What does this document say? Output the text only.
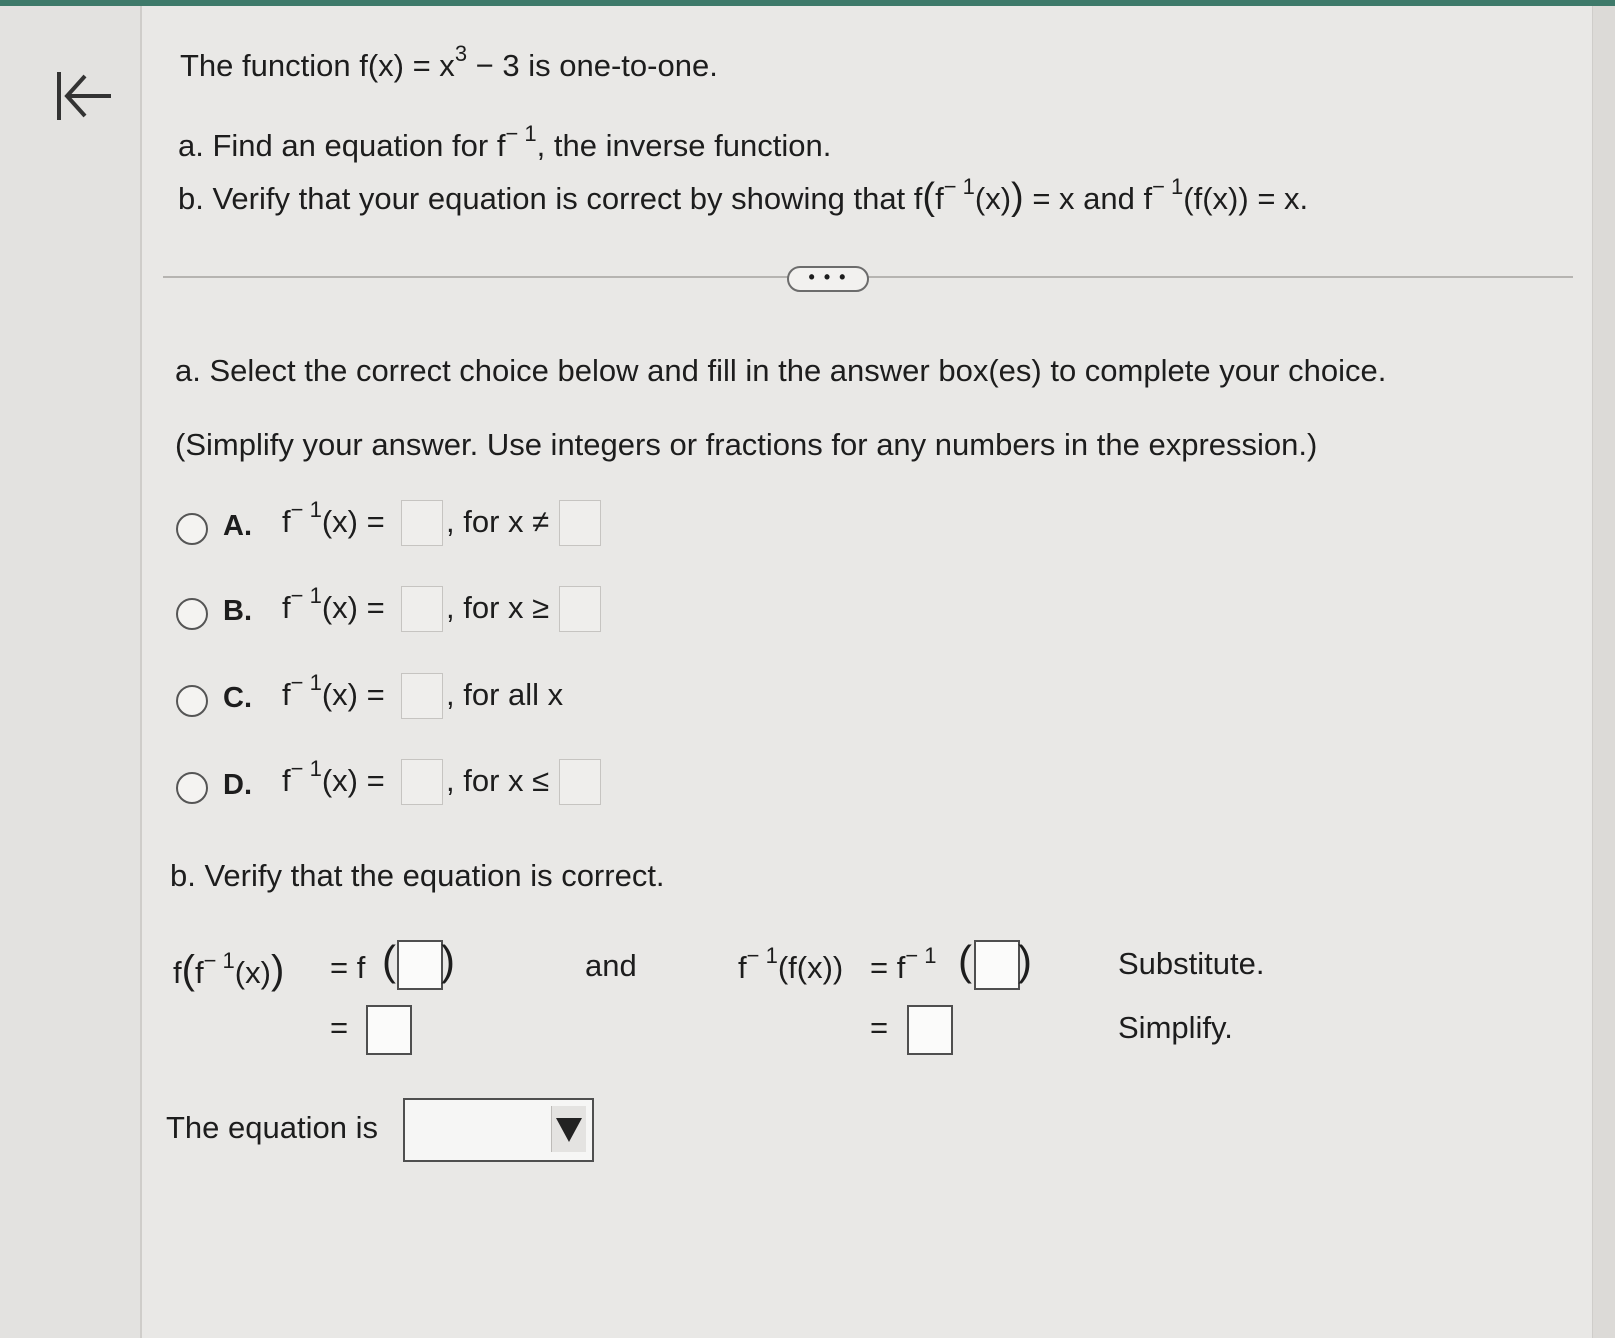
The function $f(x) = x^3 - 3$ is one-to-one.
a. Find an equation for $f^{- 1}$, the inverse function.
b. Verify that your equation is correct by showing that $f(f^{- 1}(x)) = x$ and $f^{- 1}(f(x)) = x$.
• • •
a. Select the correct choice below and fill in the answer box(es) to complete your choice.
(Simplify your answer. Use integers or fractions for any numbers in the expression.)
A. $f^{- 1}(x)$ = , for x ≠
B. $f^{- 1}(x)$ = , for x ≥
C. $f^{- 1}(x)$ = , for all x
D. $f^{- 1}(x)$ = , for x ≤
b. Verify that the equation is correct.
$f(f^{- 1}(x)) = f$ ( )
=
and	$f^{- 1}(f(x)) = f^{- 1}$ ( )
=
Substitute.
Simplify.
The equation is
